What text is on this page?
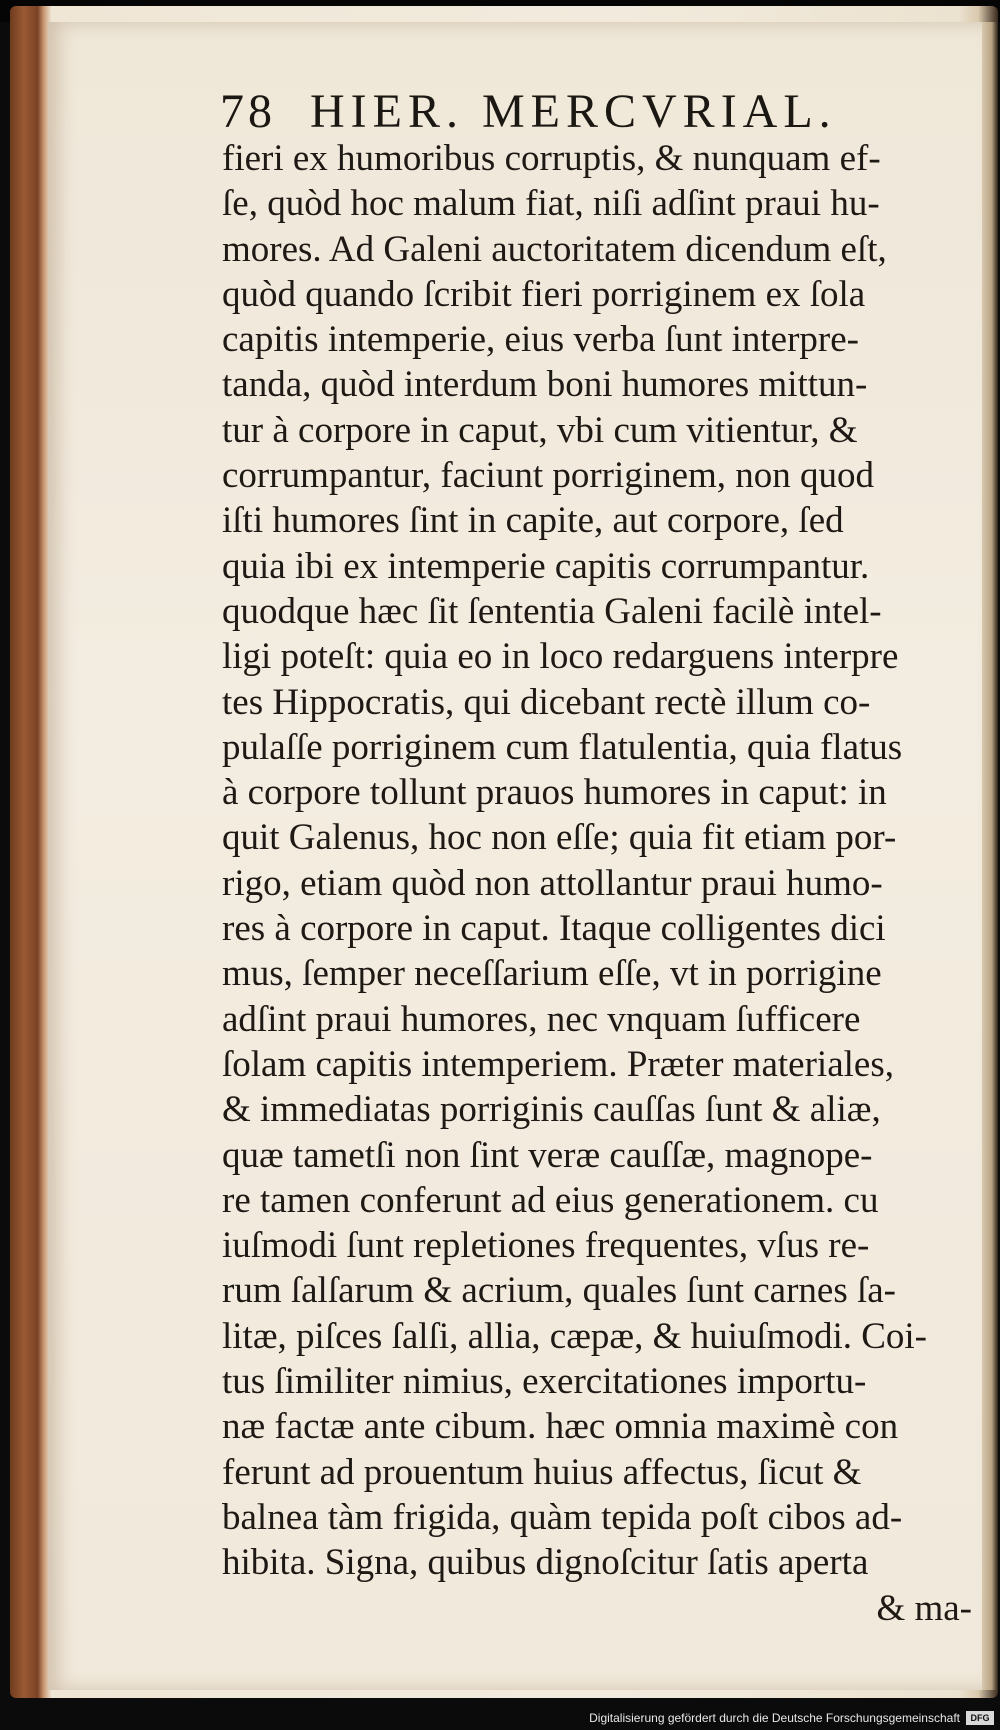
78 HIER. MERCVRIAL.
fieri ex humoribus corruptis, & nunquam ef-
ſe, quòd hoc malum fiat, niſi adſint praui hu-
mores. Ad Galeni auctoritatem dicendum eſt,
quòd quando ſcribit fieri porriginem ex ſola
capitis intemperie, eius verba ſunt interpre-
tanda, quòd interdum boni humores mittun-
tur à corpore in caput, vbi cum vitientur, &
corrumpantur, faciunt porriginem, non quod
iſti humores ſint in capite, aut corpore, ſed
quia ibi ex intemperie capitis corrumpantur.
quodque hæc ſit ſententia Galeni facilè intel-
ligi poteſt: quia eo in loco redarguens interpre
tes Hippocratis, qui dicebant rectè illum co-
pulaſſe porriginem cum flatulentia, quia flatus
à corpore tollunt prauos humores in caput: in
quit Galenus, hoc non eſſe; quia fit etiam por-
rigo, etiam quòd non attollantur praui humo-
res à corpore in caput. Itaque colligentes dici
mus, ſemper neceſſarium eſſe, vt in porrigine
adſint praui humores, nec vnquam ſufficere
ſolam capitis intemperiem. Præter materiales,
& immediatas porriginis cauſſas ſunt & aliæ,
quæ tametſi non ſint veræ cauſſæ, magnope-
re tamen conferunt ad eius generationem. cu
iuſmodi ſunt repletiones frequentes, vſus re-
rum ſalſarum & acrium, quales ſunt carnes ſa-
litæ, piſces ſalſi, allia, cæpæ, & huiuſmodi. Coi-
tus ſimiliter nimius, exercitationes importu-
næ factæ ante cibum. hæc omnia maximè con
ferunt ad prouentum huius affectus, ſicut &
balnea tàm frigida, quàm tepida poſt cibos ad-
hibita. Signa, quibus dignoſcitur ſatis aperta
& ma-
Digitalisierung gefördert durch die Deutsche Forschungsgemeinschaft	DFG
